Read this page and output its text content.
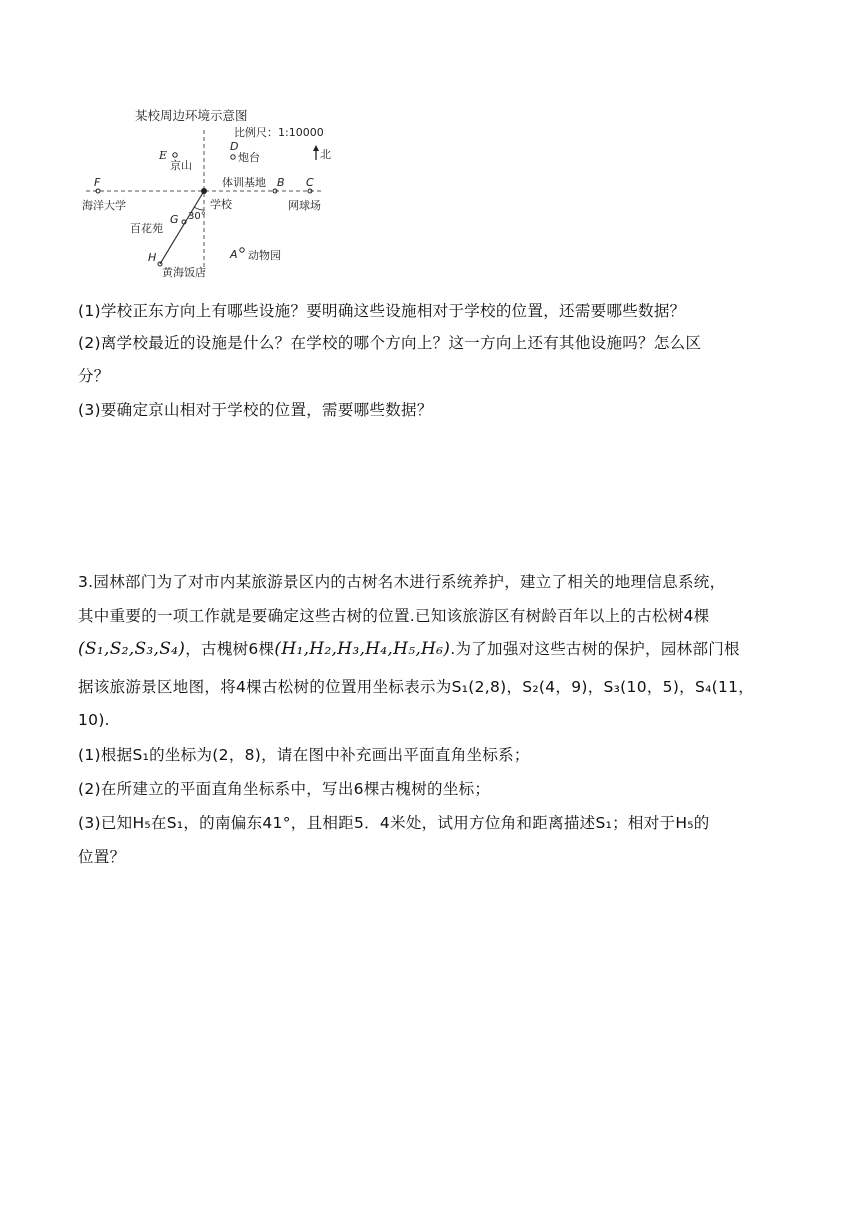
某校周边环境示意图
比例尺：1:10000
北
30°
学校
E
京山
D
炮台
F
海洋大学
体训基地 B C
网球场
G
百花苑
H
黄海饭店
A 动物园
(1)学校正东方向上有哪些设施？要明确这些设施相对于学校的位置，还需要哪些数据？
(2)离学校最近的设施是什么？在学校的哪个方向上？这一方向上还有其他设施吗？怎么区
分？
(3)要确定京山相对于学校的位置，需要哪些数据？
3.园林部门为了对市内某旅游景区内的古树名木进行系统养护，建立了相关的地理信息系统，
其中重要的一项工作就是要确定这些古树的位置.已知该旅游区有树龄百年以上的古松树4棵
(S₁,S₂,S₃,S₄)，古槐树6棵(H₁,H₂,H₃,H₄,H₅,H₆).为了加强对这些古树的保护，园林部门根
据该旅游景区地图，将4棵古松树的位置用坐标表示为S₁(2,8)，S₂(4，9)，S₃(10，5)，S₄(11，
10).
(1)根据S₁的坐标为(2，8)，请在图中补充画出平面直角坐标系；
(2)在所建立的平面直角坐标系中，写出6棵古槐树的坐标；
(3)已知H₅在S₁，的南偏东41°，且相距5．4米处，试用方位角和距离描述S₁；相对于H₅的
位置？
